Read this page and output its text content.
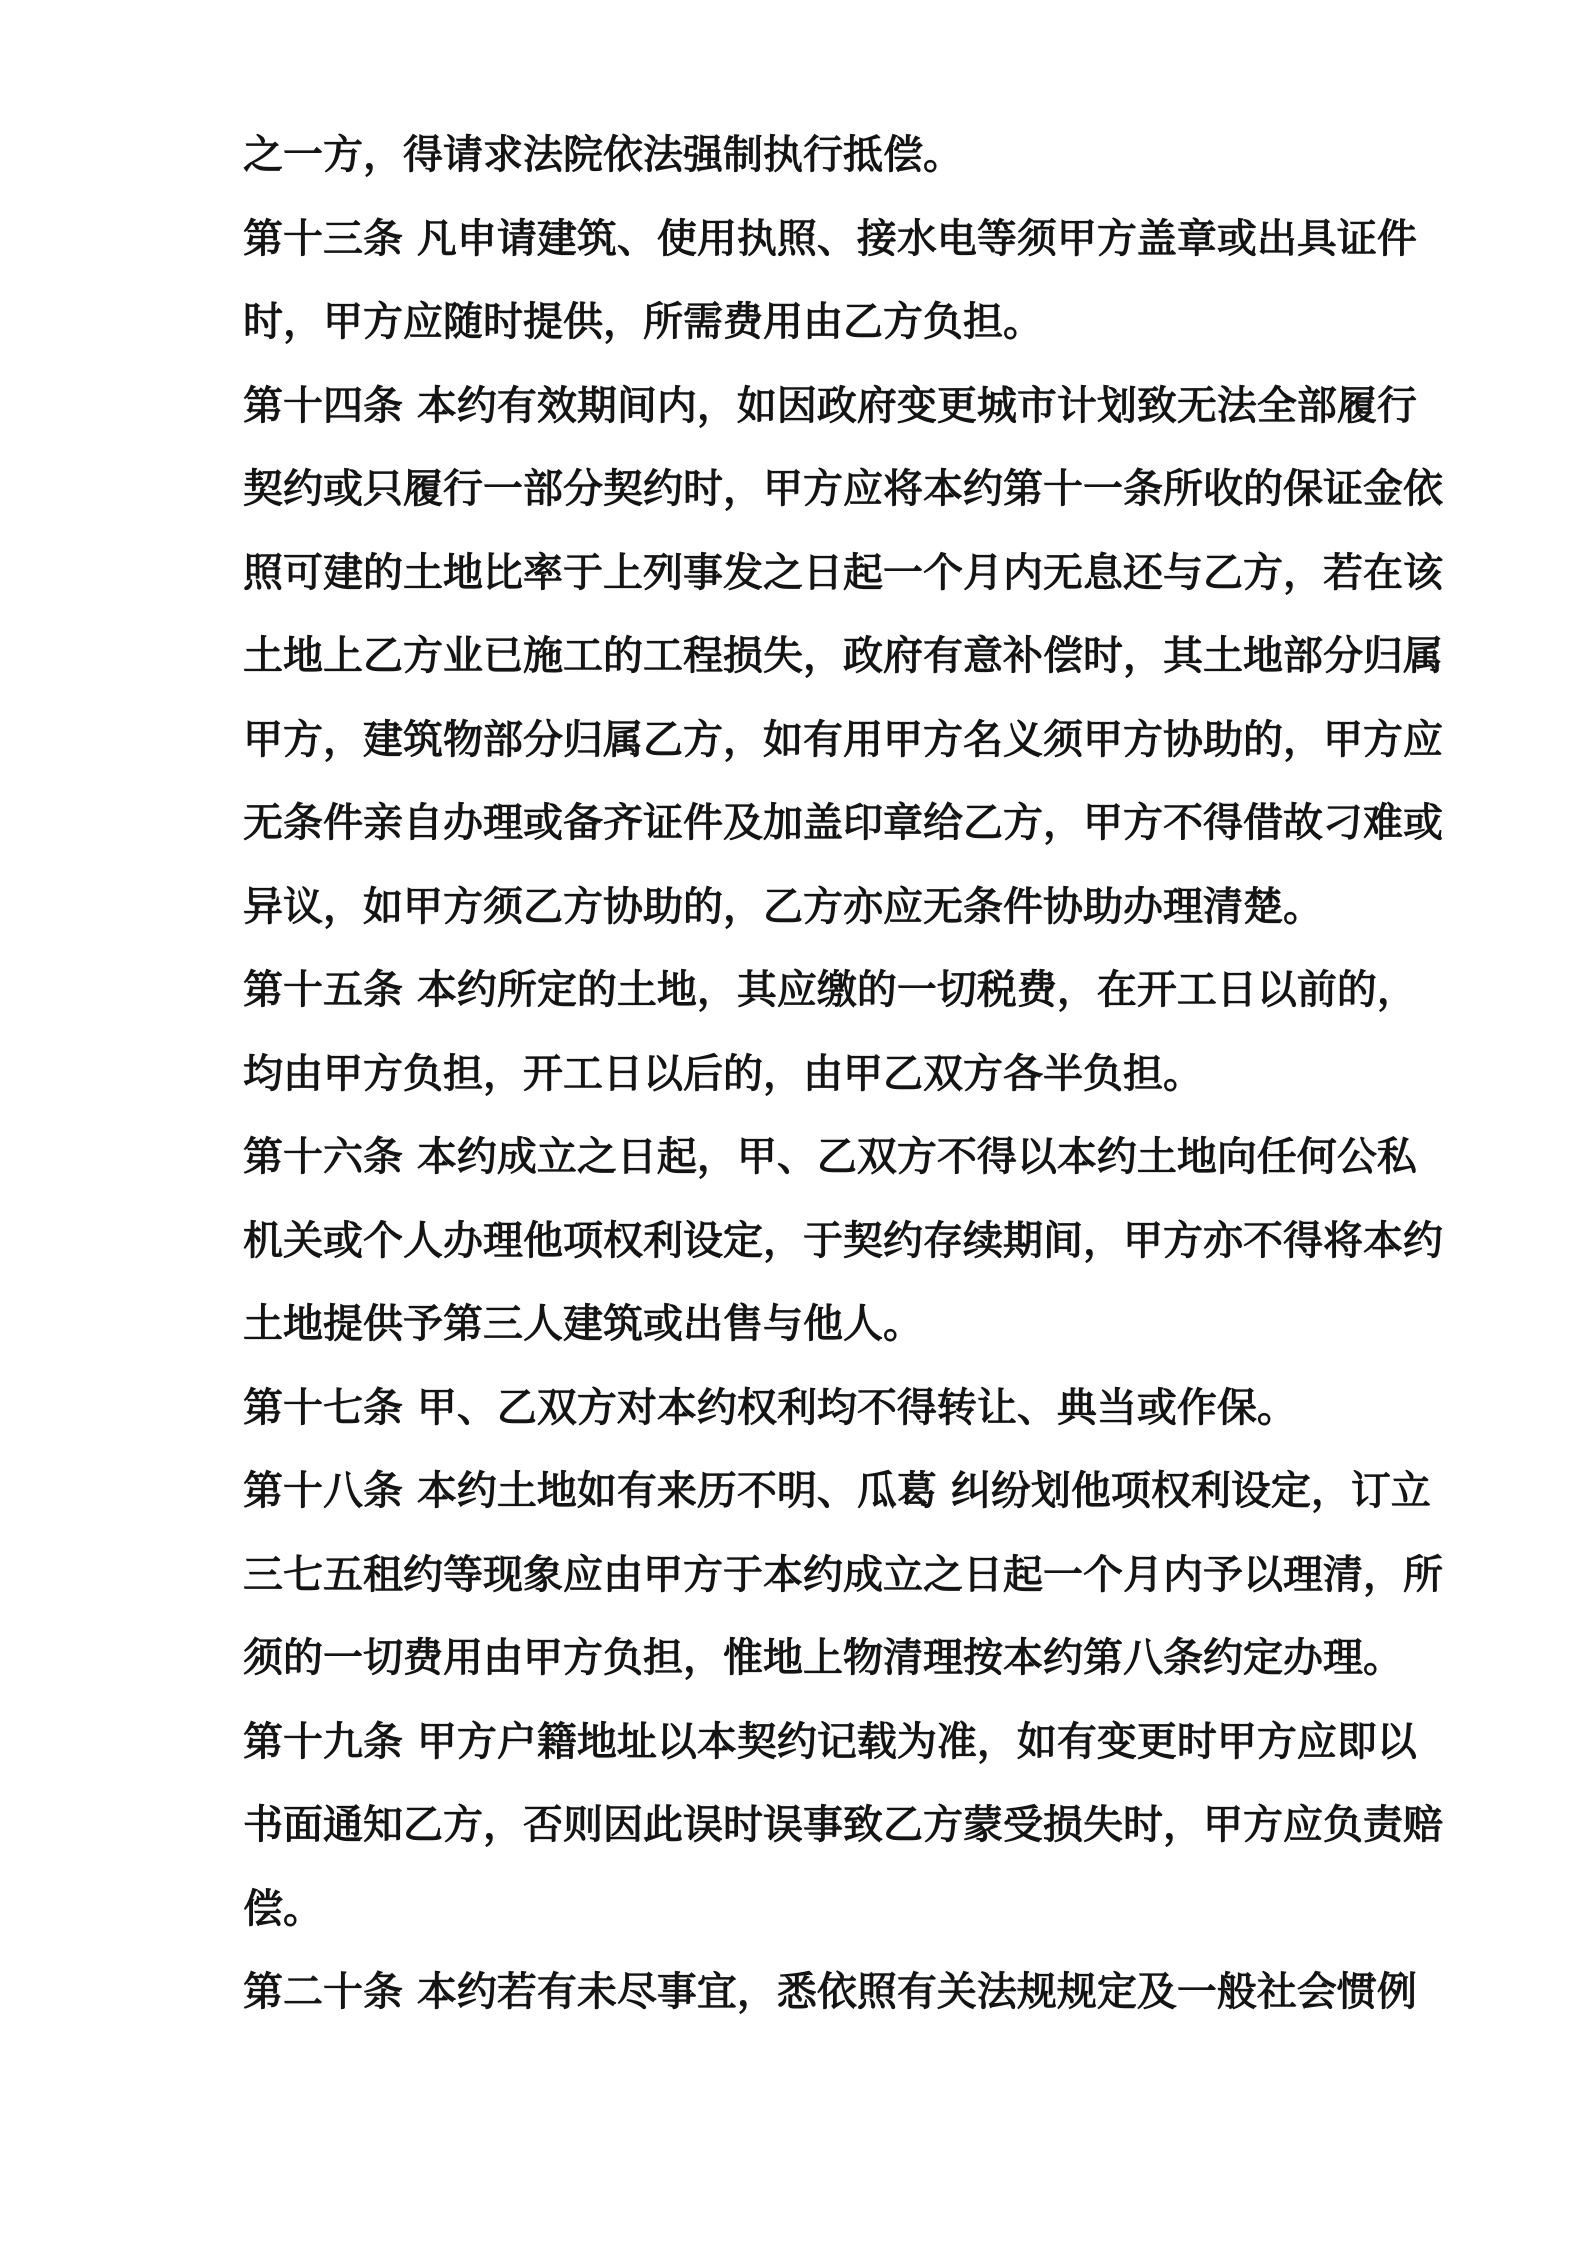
之一方，得请求法院依法强制执行抵偿。
第十三条 凡申请建筑、使用执照、接水电等须甲方盖章或出具证件
时，甲方应随时提供，所需费用由乙方负担。
第十四条 本约有效期间内，如因政府变更城市计划致无法全部履行
契约或只履行一部分契约时，甲方应将本约第十一条所收的保证金依
照可建的土地比率于上列事发之日起一个月内无息还与乙方，若在该
土地上乙方业已施工的工程损失，政府有意补偿时，其土地部分归属
甲方，建筑物部分归属乙方，如有用甲方名义须甲方协助的，甲方应
无条件亲自办理或备齐证件及加盖印章给乙方，甲方不得借故刁难或
异议，如甲方须乙方协助的，乙方亦应无条件协助办理清楚。
第十五条 本约所定的土地，其应缴的一切税费，在开工日以前的，
均由甲方负担，开工日以后的，由甲乙双方各半负担。
第十六条 本约成立之日起，甲、乙双方不得以本约土地向任何公私
机关或个人办理他项权利设定，于契约存续期间，甲方亦不得将本约
土地提供予第三人建筑或出售与他人。
第十七条 甲、乙双方对本约权利均不得转让、典当或作保。
第十八条 本约土地如有来历不明、瓜葛 纠纷划他项权利设定，订立
三七五租约等现象应由甲方于本约成立之日起一个月内予以理清，所
须的一切费用由甲方负担，惟地上物清理按本约第八条约定办理。
第十九条 甲方户籍地址以本契约记载为准，如有变更时甲方应即以
书面通知乙方，否则因此误时误事致乙方蒙受损失时，甲方应负责赔
偿。
第二十条 本约若有未尽事宜，悉依照有关法规规定及一般社会惯例
